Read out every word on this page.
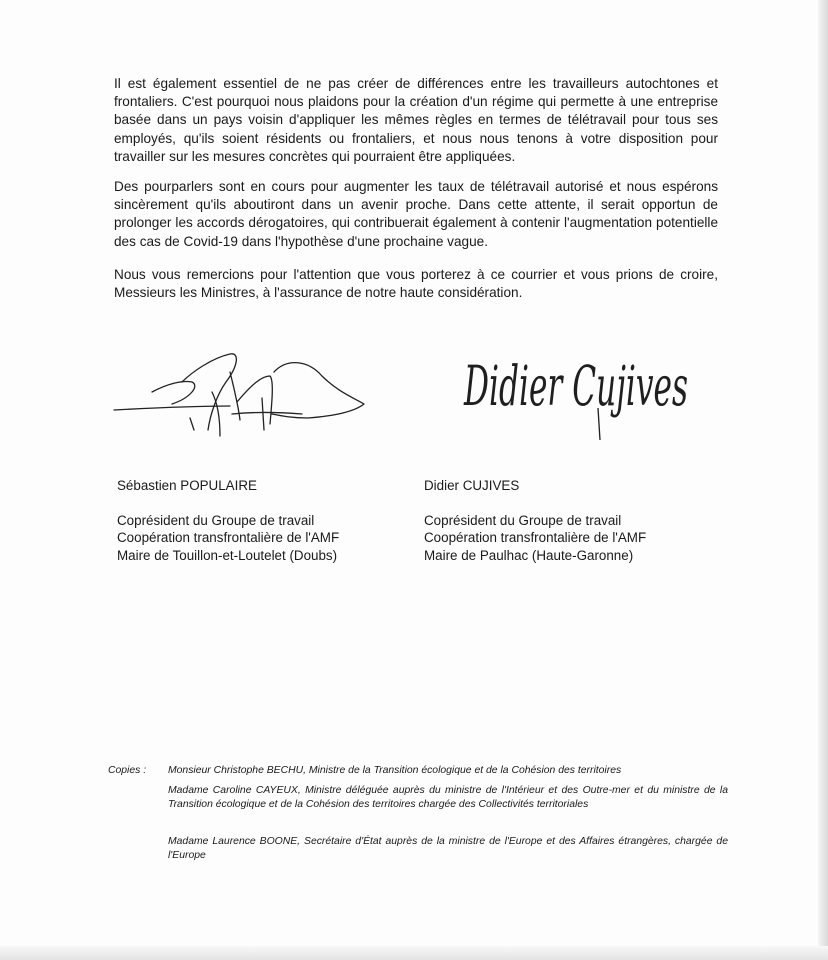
Il est également essentiel de ne pas créer de différences entre les travailleurs autochtones et frontaliers. C'est pourquoi nous plaidons pour la création d'un régime qui permette à une entreprise basée dans un pays voisin d'appliquer les mêmes règles en termes de télétravail pour tous ses employés, qu'ils soient résidents ou frontaliers, et nous nous tenons à votre disposition pour travailler sur les mesures concrètes qui pourraient être appliquées.

Des pourparlers sont en cours pour augmenter les taux de télétravail autorisé et nous espérons sincèrement qu'ils aboutiront dans un avenir proche. Dans cette attente, il serait opportun de prolonger les accords dérogatoires, qui contribuerait également à contenir l'augmentation potentielle des cas de Covid-19 dans l'hypothèse d'une prochaine vague.

Nous vous remercions pour l'attention que vous porterez à ce courrier et vous prions de croire, Messieurs les Ministres, à l'assurance de notre haute considération.

Didier Cujives
Sébastien POPULAIRE
Coprésident du Groupe de travail
Coopération transfrontalière de l'AMF
Maire de Touillon-et-Loutelet (Doubs)
Didier CUJIVES
Coprésident du Groupe de travail
Coopération transfrontalière de l'AMF
Maire de Paulhac (Haute-Garonne)
Copies : Monsieur Christophe BECHU, Ministre de la Transition écologique et de la Cohésion des territoires
Madame Caroline CAYEUX, Ministre déléguée auprès du ministre de l'Intérieur et des Outre-mer et du ministre de la Transition écologique et de la Cohésion des territoires chargée des Collectivités territoriales
Madame Laurence BOONE, Secrétaire d'État auprès de la ministre de l'Europe et des Affaires étrangères, chargée de l'Europe
